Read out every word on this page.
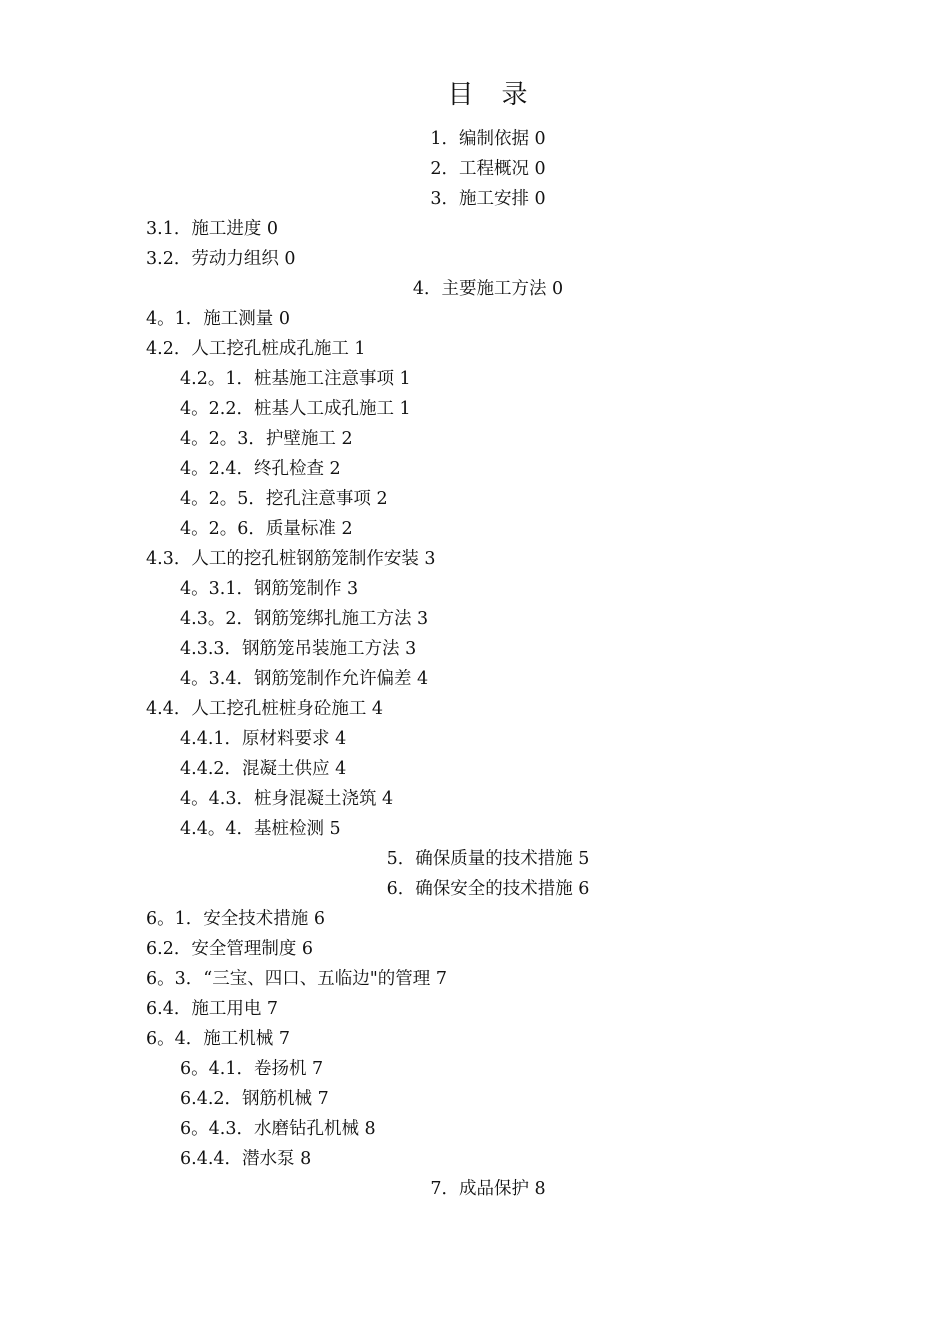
目　录
1．编制依据 0
2．工程概况 0
3．施工安排 0
3.1．施工进度 0
3.2．劳动力组织 0
4．主要施工方法 0
4。1．施工测量 0
4.2．人工挖孔桩成孔施工 1
4.2。1．桩基施工注意事项 1
4。2.2．桩基人工成孔施工 1
4。2。3．护壁施工 2
4。2.4．终孔检查 2
4。2。5．挖孔注意事项 2
4。2。6．质量标准 2
4.3．人工的挖孔桩钢筋笼制作安装 3
4。3.1．钢筋笼制作 3
4.3。2．钢筋笼绑扎施工方法 3
4.3.3．钢筋笼吊装施工方法 3
4。3.4．钢筋笼制作允许偏差 4
4.4．人工挖孔桩桩身砼施工 4
4.4.1．原材料要求 4
4.4.2．混凝土供应 4
4。4.3．桩身混凝土浇筑 4
4.4。4．基桩检测 5
5．确保质量的技术措施 5
6．确保安全的技术措施 6
6。1．安全技术措施 6
6.2．安全管理制度 6
6。3．“三宝、四口、五临边"的管理 7
6.4．施工用电 7
6。4．施工机械 7
6。4.1．卷扬机 7
6.4.2．钢筋机械 7
6。4.3．水磨钻孔机械 8
6.4.4．潜水泵 8
7．成品保护 8
